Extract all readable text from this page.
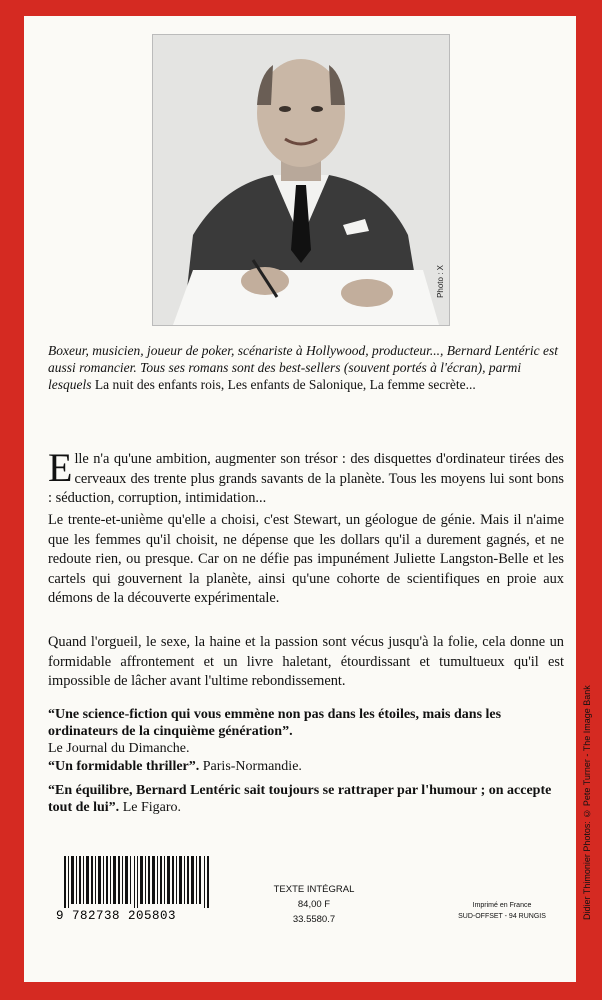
Photo : X

Boxeur, musicien, joueur de poker, scénariste à Hollywood, producteur..., Bernard Lentéric est aussi romancier. Tous ses romans sont des best-sellers (souvent portés à l'écran), parmi lesquels La nuit des enfants rois, Les enfants de Salonique, La femme secrète...

Elle n'a qu'une ambition, augmenter son trésor : des disquettes d'ordinateur tirées des cerveaux des trente plus grands savants de la planète. Tous les moyens lui sont bons : séduction, corruption, intimidation...

Le trente-et-unième qu'elle a choisi, c'est Stewart, un géologue de génie. Mais il n'aime que les femmes qu'il choisit, ne dépense que les dollars qu'il a durement gagnés, et ne redoute rien, ou presque. Car on ne défie pas impunément Juliette Langston-Belle et les cartels qui gouvernent la planète, ainsi qu'une cohorte de scientifiques en proie aux démons de la découverte expérimentale.

Quand l'orgueil, le sexe, la haine et la passion sont vécus jusqu'à la folie, cela donne un formidable affrontement et un livre haletant, étourdissant et tumultueux qu'il est impossible de lâcher avant l'ultime rebondissement.

“Une science-fiction qui vous emmène non pas dans les étoiles, mais dans les ordinateurs de la cinquième génération”.
Le Journal du Dimanche.

“Un formidable thriller”. Paris-Normandie.

“En équilibre, Bernard Lentéric sait toujours se rattraper par l'humour ; on accepte tout de lui”. Le Figaro.

9 782738 205803
TEXTE INTÉGRAL
84,00 F
33.5580.7
Imprimé en France
SUD-OFFSET - 94 RUNGIS	Didier Thimonier Photos: © Pete Turner - The Image Bank
